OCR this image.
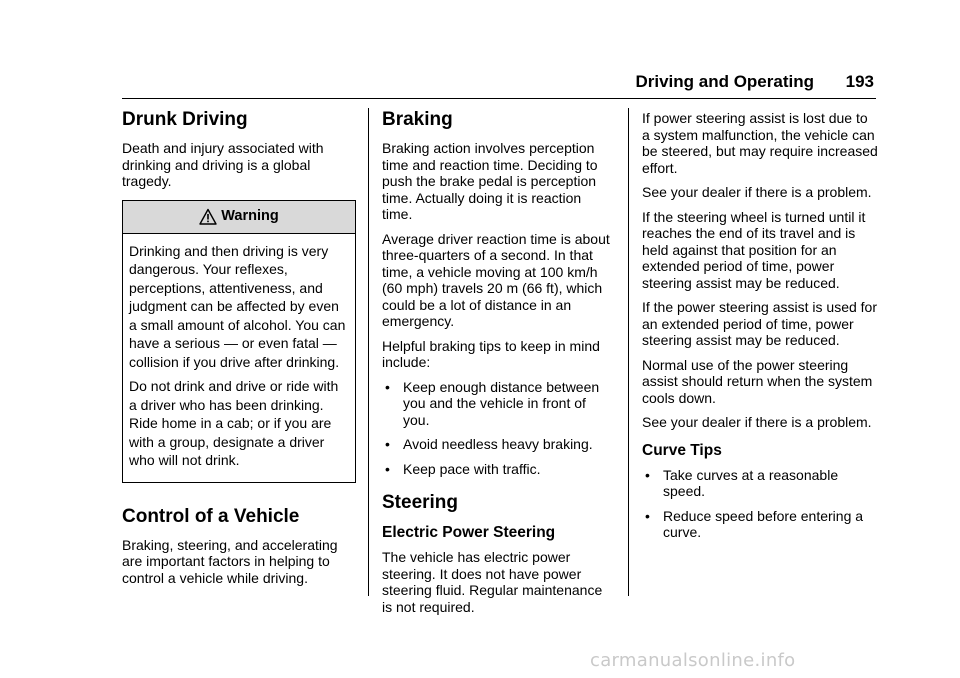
Driving and Operating 193
Drunk Driving

Death and injury associated with drinking and driving is a global tragedy.

Warning

Drinking and then driving is very dangerous. Your reflexes, perceptions, attentiveness, and judgment can be affected by even a small amount of alcohol. You can have a serious — or even fatal — collision if you drive after drinking.

Do not drink and drive or ride with a driver who has been drinking. Ride home in a cab; or if you are with a group, designate a driver who will not drink.

Control of a Vehicle

Braking, steering, and accelerating are important factors in helping to control a vehicle while driving.

Braking

Braking action involves perception time and reaction time. Deciding to push the brake pedal is perception time. Actually doing it is reaction time.

Average driver reaction time is about three-quarters of a second. In that time, a vehicle moving at 100 km/h (60 mph) travels 20 m (66 ft), which could be a lot of distance in an emergency.

Helpful braking tips to keep in mind include:

• Keep enough distance between you and the vehicle in front of you.
• Avoid needless heavy braking.
• Keep pace with traffic.
Steering
Electric Power Steering

The vehicle has electric power steering. It does not have power steering fluid. Regular maintenance is not required.

If power steering assist is lost due to a system malfunction, the vehicle can be steered, but may require increased effort.

See your dealer if there is a problem.

If the steering wheel is turned until it reaches the end of its travel and is held against that position for an extended period of time, power steering assist may be reduced.

If the power steering assist is used for an extended period of time, power steering assist may be reduced.

Normal use of the power steering assist should return when the system cools down.

See your dealer if there is a problem.

Curve Tips
• Take curves at a reasonable speed.
• Reduce speed before entering a curve.
carmanualsonline.info
